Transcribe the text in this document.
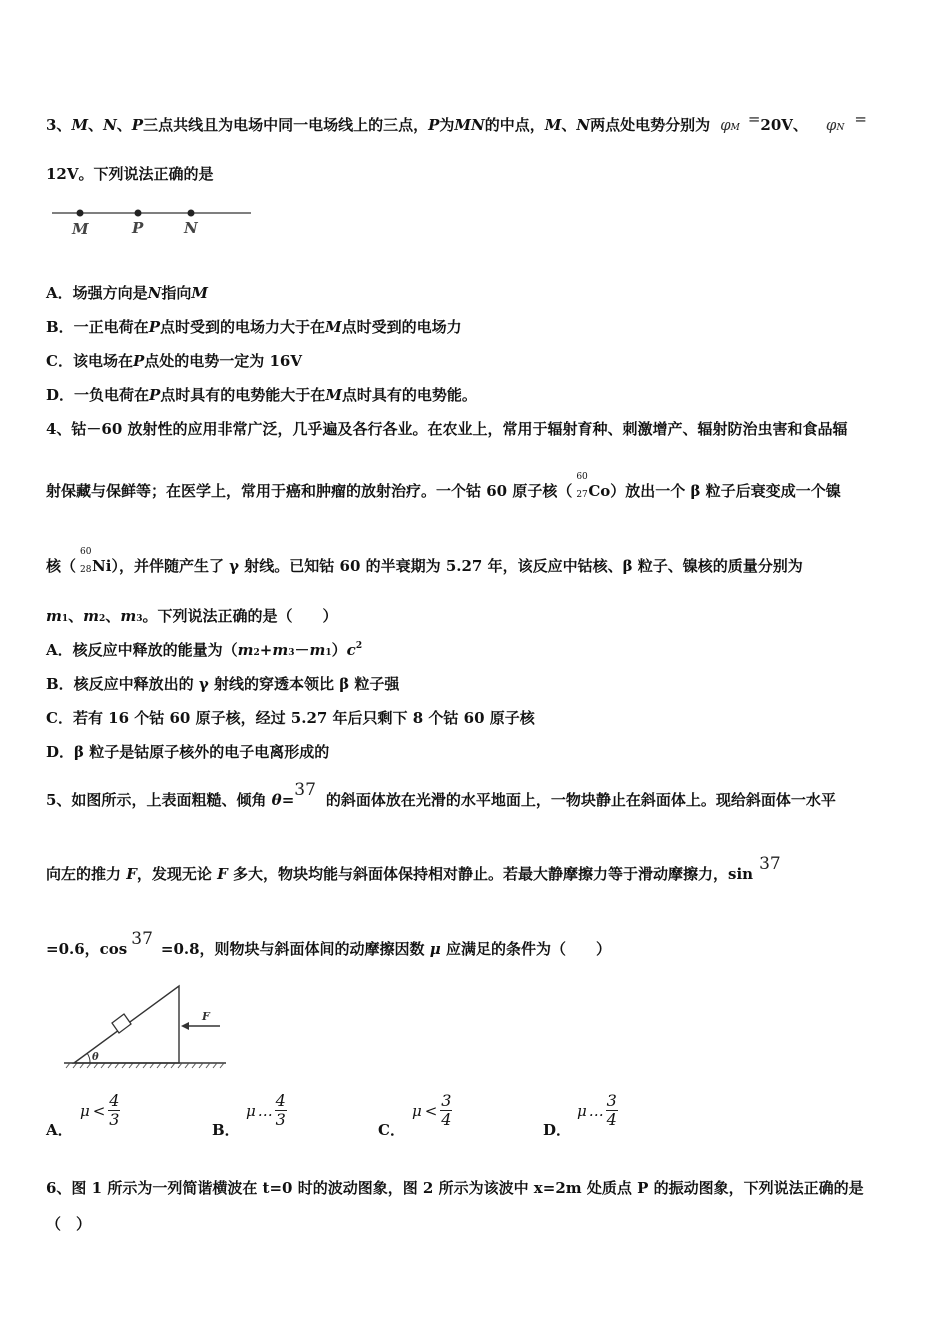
3、M、N、P三点共线且为电场中同一电场线上的三点，P为MN的中点，M、N两点处电势分别为 φM =20V、 φN =
12V。下列说法正确的是
M	P	N
A．场强方向是N指向M
B．一正电荷在P点时受到的电场力大于在M点时受到的电场力
C．该电场在P点处的电势一定为 16V
D．一负电荷在P点时具有的电势能大于在M点时具有的电势能。
4、钴－60 放射性的应用非常广泛，几乎遍及各行各业。在农业上，常用于辐射育种、刺激增产、辐射防治虫害和食品辐
射保藏与保鲜等；在医学上，常用于癌和肿瘤的放射治疗。一个钴 60 原子核（
60
27 Co）放出一个 β 粒子后衰变成一个镍
核（
60
28 Ni），并伴随产生了 γ 射线。已知钴 60 的半衰期为 5.27 年，该反应中钴核、β 粒子、镍核的质量分别为
m1、m2、m3。下列说法正确的是（　　）
A．核反应中释放的能量为$(m2+m3-m1)c^2$
B．核反应中释放出的 γ 射线的穿透本领比 β 粒子强
C．若有 16 个钴 60 原子核，经过 5.27 年后只剩下 8 个钴 60 原子核
D．β 粒子是钴原子核外的电子电离形成的
5、如图所示，上表面粗糙、倾角 θ=37 的斜面体放在光滑的水平地面上，一物块静止在斜面体上。现给斜面体一水平
向左的推力 F，发现无论 F 多大，物块均能与斜面体保持相对静止。若最大静摩擦力等于滑动摩擦力，sin 37
=0.6，cos 37 =0.8，则物块与斜面体间的动摩擦因数 μ 应满足的条件为（　　）
θ
F
A．
$\mu < \frac{4}{3}$
B．
μ … $\frac{4}{3}$
C．
$\mu < \frac{3}{4}$
D．
μ … $\frac{3}{4}$
6、图 1 所示为一列简谐横波在 t=0 时的波动图象，图 2 所示为该波中 x=2m 处质点 P 的振动图象，下列说法正确的是
（　）
